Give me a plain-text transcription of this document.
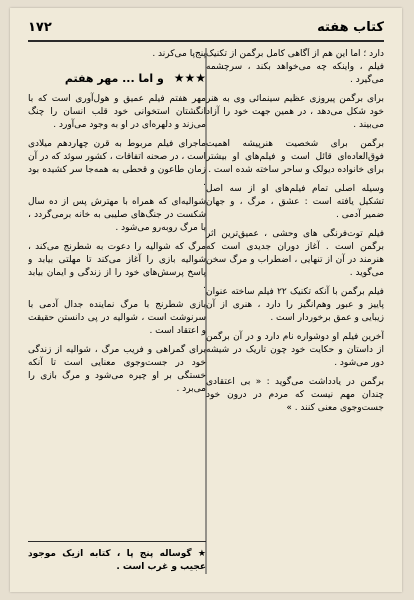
۱۷۲	کتاب هفته

دارد ؛ اما این هم از آگاهی کامل برگمن از تکنیک فیلم ، واینکه چه می‌خواهد بکند ، سرچشمه می‌گیرد .

برای برگمن پیروزی عظیم سینمائی وی به هنر خود شکل می‌دهد ، در همین جهت خود را آزاد می‌بیند .

برگمن برای شخصیت هنرپیشه اهمیت فوق‌العاده‌ای قائل است و فیلم‌های او بیشتر برای خانواده دیولک و ساحر ساخته شده است .

وسیله اصلی تمام فیلم‌های او از سه اصل تشکیل یافته است : عشق ، مرگ ، و جهان ضمیر آدمی .

فیلم توت‌فرنگی های وحشی ، عمیق‌ترین اثر برگمن است . آغاز دوران جدیدی است که هنرمند در آن از تنهایی ، اضطراب و مرگ سخن می‌گوید .

فیلم برگمن با آنکه تکنیک ۲۲ فیلم ساخته عنوان پاییز و عبور وهم‌انگیز را دارد ، هنری از آن زیبایی و عمق برخوردار است .

آخرین فیلم او دوشواره نام دارد و در آن برگمن از داستان و حکایت خود چون تاریک در شیشه دور می‌شود .

برگمن در یادداشت می‌گوید : « بی اعتقادی چندان مهم نیست که مردم در درون خود جست‌وجوی معنی کنند . »

پنج‌پا می‌کرند .

★★★ و اما ... مهر هفتم

مهر هفتم فیلم عمیق و هول‌آوری است که با انگشتان استخوانی خود قلب انسان را چنگ می‌زند و دلهره‌ای در او به وجود می‌آورد .

ماجرای فیلم مربوط به قرن چهاردهم میلادی است ، در صحنه اتفاقات ، کشور سوئد که در آن زمان طاعون و قحطی به همه‌جا سر کشیده بود .

شوالیه‌ای که همراه با مهترش پس از ده سال شکست در جنگ‌های صلیبی به خانه برمی‌گردد ، با مرگ روبه‌رو می‌شود .

مرگ که شوالیه را دعوت به شطرنج می‌کند ، شوالیه بازی را آغاز می‌کند تا مهلتی بیابد و پاسخ پرسش‌های خود را از زندگی و ایمان بیابد .

بازی شطرنج با مرگ نماینده جدال آدمی با سرنوشت است ، شوالیه در پی دانستن حقیقت و اعتقاد است .

برای گمراهی و فریب مرگ ، شوالیه از زندگی خود در جست‌وجوی معنایی است تا آنکه خستگی بر او چیره می‌شود و مرگ بازی را می‌برد .

★ گوساله پنج پا ، کتابه ازیک موجود عجیب و غرب است .
